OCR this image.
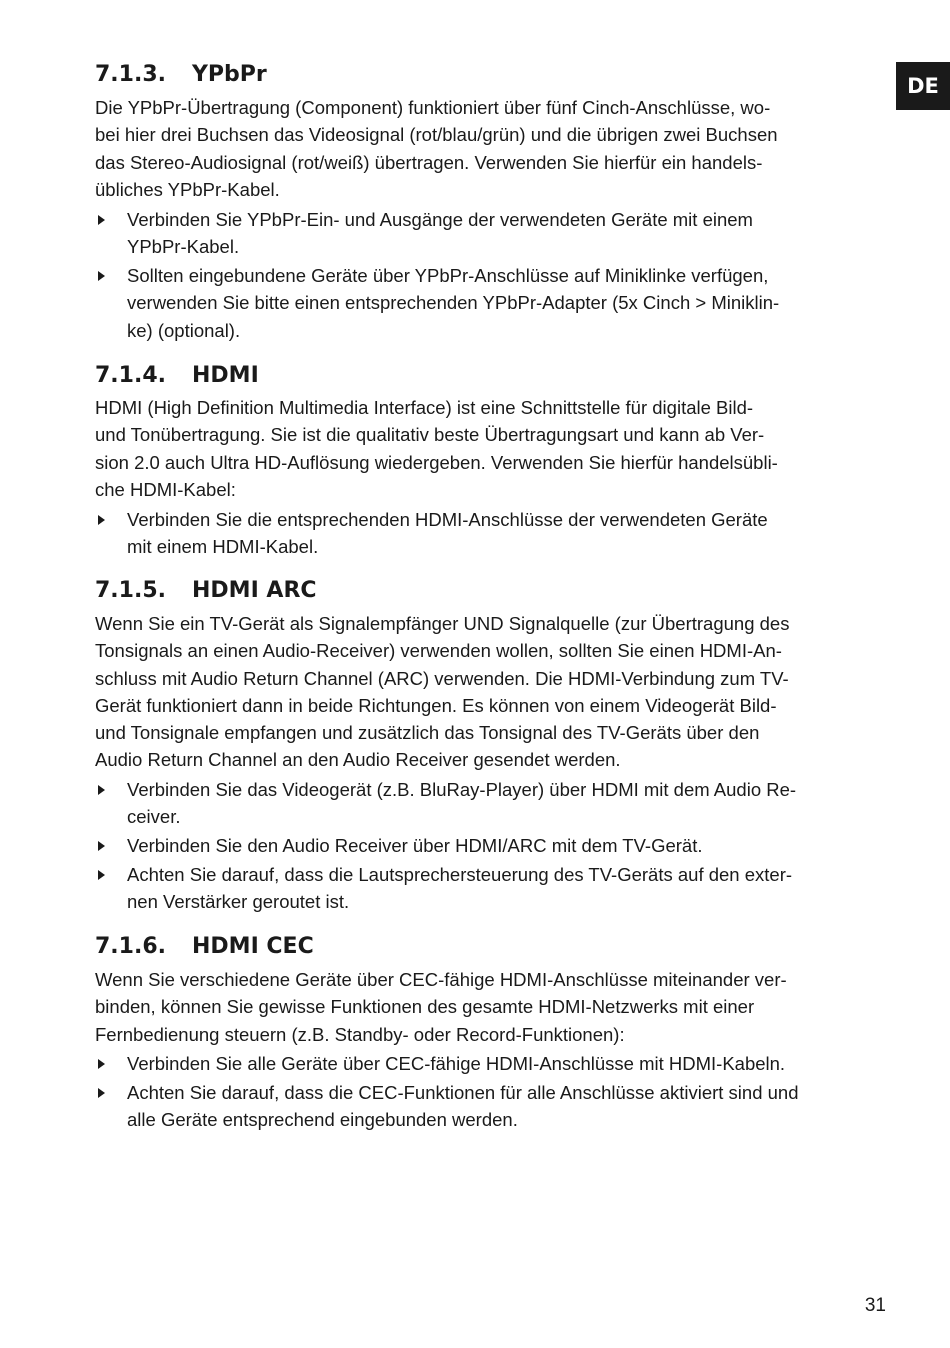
DE
7.1.3. YPbPr

Die YPbPr-Übertragung (Component) funktioniert über fünf Cinch-Anschlüsse, wo-
bei hier drei Buchsen das Videosignal (rot/blau/grün) und die übrigen zwei Buchsen
das Stereo-Audiosignal (rot/weiß) übertragen. Verwenden Sie hierfür ein handels-
übliches YPbPr-Kabel.

Verbinden Sie YPbPr-Ein- und Ausgänge der verwendeten Geräte mit einem
YPbPr-Kabel.
Sollten eingebundene Geräte über YPbPr-Anschlüsse auf Miniklinke verfügen,
verwenden Sie bitte einen entsprechenden YPbPr-Adapter (5x Cinch > Miniklin-
ke) (optional).
7.1.4. HDMI

HDMI (High Definition Multimedia Interface) ist eine Schnittstelle für digitale Bild-
und Tonübertragung. Sie ist die qualitativ beste Übertragungsart und kann ab Ver-
sion 2.0 auch Ultra HD-Auflösung wiedergeben. Verwenden Sie hierfür handelsübli-
che HDMI-Kabel:

Verbinden Sie die entsprechenden HDMI-Anschlüsse der verwendeten Geräte
mit einem HDMI-Kabel.
7.1.5. HDMI ARC

Wenn Sie ein TV-Gerät als Signalempfänger UND Signalquelle (zur Übertragung des
Tonsignals an einen Audio-Receiver) verwenden wollen, sollten Sie einen HDMI-An-
schluss mit Audio Return Channel (ARC) verwenden. Die HDMI-Verbindung zum TV-
Gerät funktioniert dann in beide Richtungen. Es können von einem Videogerät Bild-
und Tonsignale empfangen und zusätzlich das Tonsignal des TV-Geräts über den
Audio Return Channel an den Audio Receiver gesendet werden.

Verbinden Sie das Videogerät (z.B. BluRay-Player) über HDMI mit dem Audio Re-
ceiver.
Verbinden Sie den Audio Receiver über HDMI/ARC mit dem TV-Gerät.
Achten Sie darauf, dass die Lautsprechersteuerung des TV-Geräts auf den exter-
nen Verstärker geroutet ist.
7.1.6. HDMI CEC

Wenn Sie verschiedene Geräte über CEC-fähige HDMI-Anschlüsse miteinander ver-
binden, können Sie gewisse Funktionen des gesamte HDMI-Netzwerks mit einer
Fernbedienung steuern (z.B. Standby- oder Record-Funktionen):

Verbinden Sie alle Geräte über CEC-fähige HDMI-Anschlüsse mit HDMI-Kabeln.
Achten Sie darauf, dass die CEC-Funktionen für alle Anschlüsse aktiviert sind und
alle Geräte entsprechend eingebunden werden.
31
